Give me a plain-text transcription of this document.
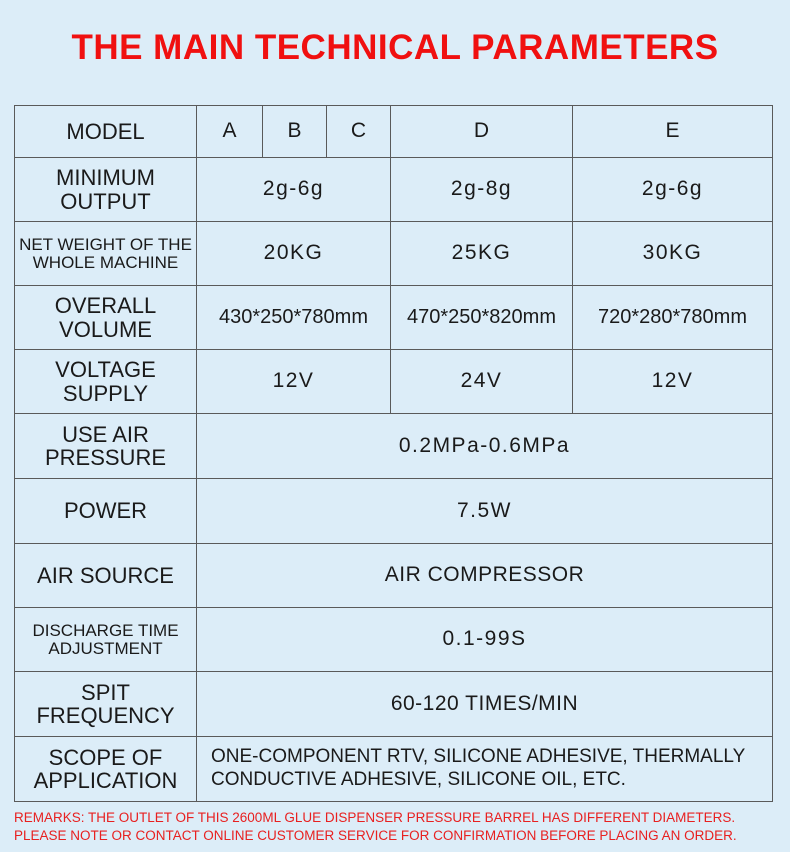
THE MAIN TECHNICAL PARAMETERS
MODEL	A	B	C	D	E
MINIMUM OUTPUT	2g-6g			2g-8g	2g-6g
NET WEIGHT OF THE WHOLE MACHINE	20KG			25KG	30KG
OVERALL VOLUME	430*250*780mm			470*250*820mm	720*280*780mm
VOLTAGE SUPPLY	12V			24V	12V
USE AIR PRESSURE	0.2MPa-0.6MPa				
POWER	7.5W				
AIR SOURCE	AIR COMPRESSOR				
DISCHARGE TIME ADJUSTMENT	0.1-99S				
SPIT FREQUENCY	60-120 TIMES/MIN				
SCOPE OF APPLICATION	ONE-COMPONENT RTV, SILICONE ADHESIVE, THERMALLY CONDUCTIVE ADHESIVE, SILICONE OIL, ETC.				
REMARKS: THE OUTLET OF THIS 2600ML GLUE DISPENSER PRESSURE BARREL HAS DIFFERENT DIAMETERS.
PLEASE NOTE OR CONTACT ONLINE CUSTOMER SERVICE FOR CONFIRMATION BEFORE PLACING AN ORDER.
